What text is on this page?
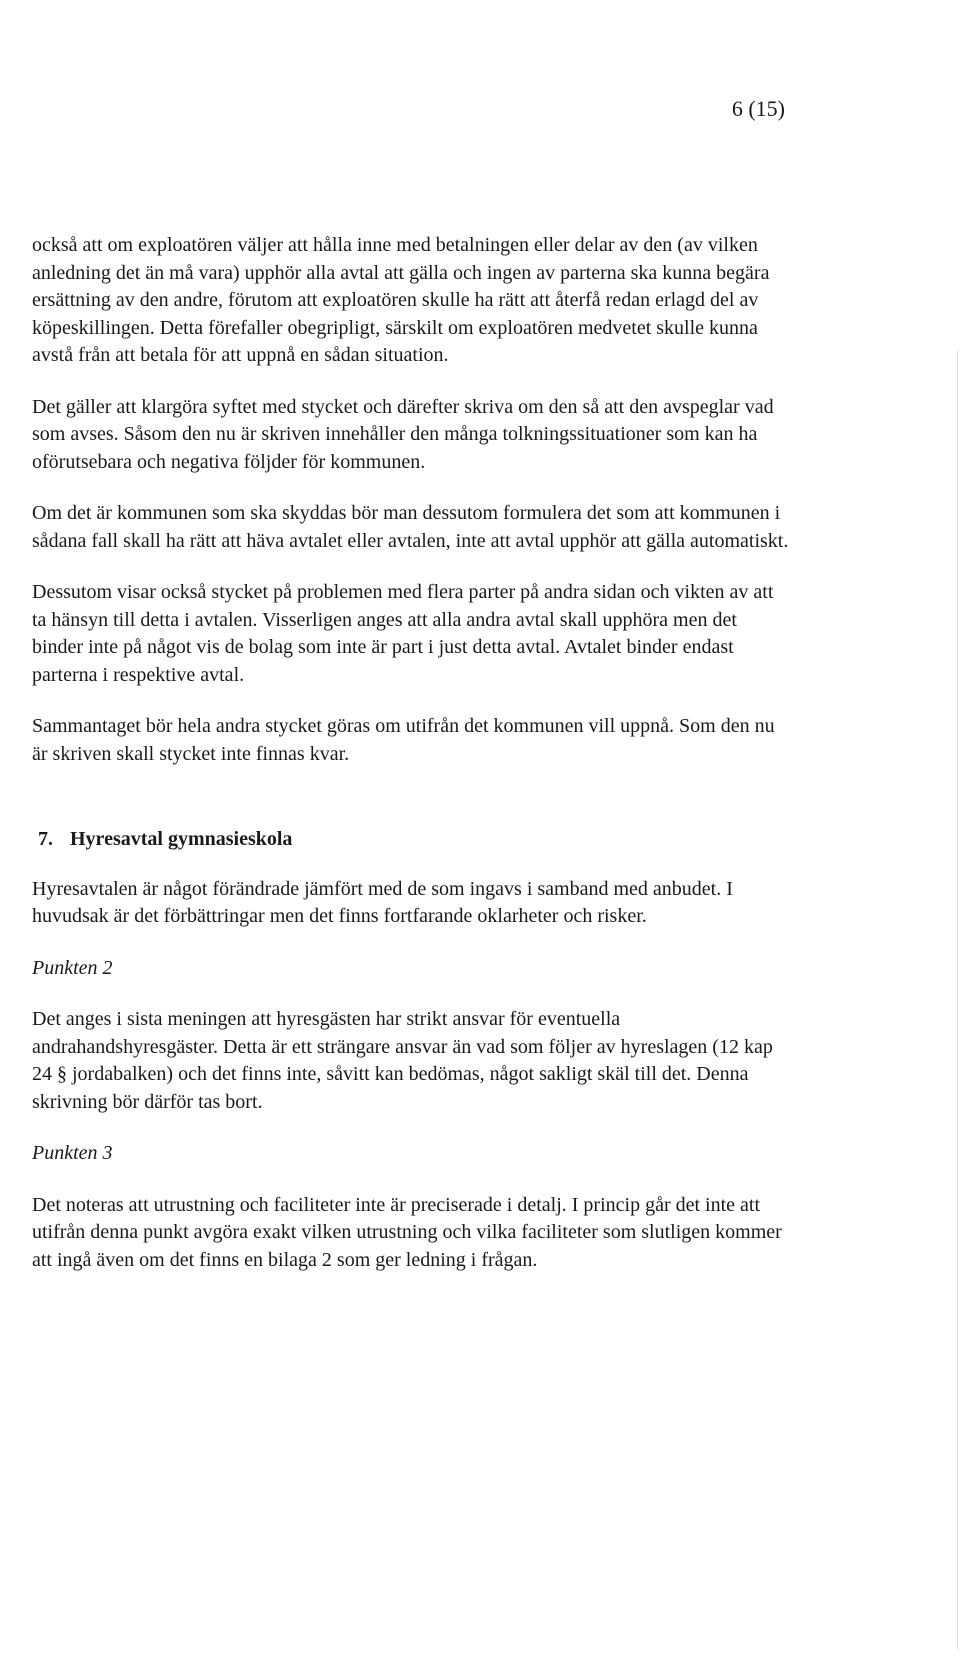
6 (15)

också att om exploatören väljer att hålla inne med betalningen eller delar av den (av vilken anledning det än må vara) upphör alla avtal att gälla och ingen av parterna ska kunna begära ersättning av den andre, förutom att exploatören skulle ha rätt att återfå redan erlagd del av köpeskillingen. Detta förefaller obegripligt, särskilt om exploatören medvetet skulle kunna avstå från att betala för att uppnå en sådan situation.

Det gäller att klargöra syftet med stycket och därefter skriva om den så att den avspeglar vad som avses. Såsom den nu är skriven innehåller den många tolkningssituationer som kan ha oförutsebara och negativa följder för kommunen.

Om det är kommunen som ska skyddas bör man dessutom formulera det som att kommunen i sådana fall skall ha rätt att häva avtalet eller avtalen, inte att avtal upphör att gälla automatiskt.

Dessutom visar också stycket på problemen med flera parter på andra sidan och vikten av att ta hänsyn till detta i avtalen. Visserligen anges att alla andra avtal skall upphöra men det binder inte på något vis de bolag som inte är part i just detta avtal. Avtalet binder endast parterna i respektive avtal.

Sammantaget bör hela andra stycket göras om utifrån det kommunen vill uppnå. Som den nu är skriven skall stycket inte finnas kvar.

7. Hyresavtal gymnasieskola

Hyresavtalen är något förändrade jämfört med de som ingavs i samband med anbudet. I huvudsak är det förbättringar men det finns fortfarande oklarheter och risker.

Punkten 2

Det anges i sista meningen att hyresgästen har strikt ansvar för eventuella andrahandshyresgäster. Detta är ett strängare ansvar än vad som följer av hyreslagen (12 kap 24 § jordabalken) och det finns inte, såvitt kan bedömas, något sakligt skäl till det. Denna skrivning bör därför tas bort.

Punkten 3

Det noteras att utrustning och faciliteter inte är preciserade i detalj. I princip går det inte att utifrån denna punkt avgöra exakt vilken utrustning och vilka faciliteter som slutligen kommer att ingå även om det finns en bilaga 2 som ger ledning i frågan.
